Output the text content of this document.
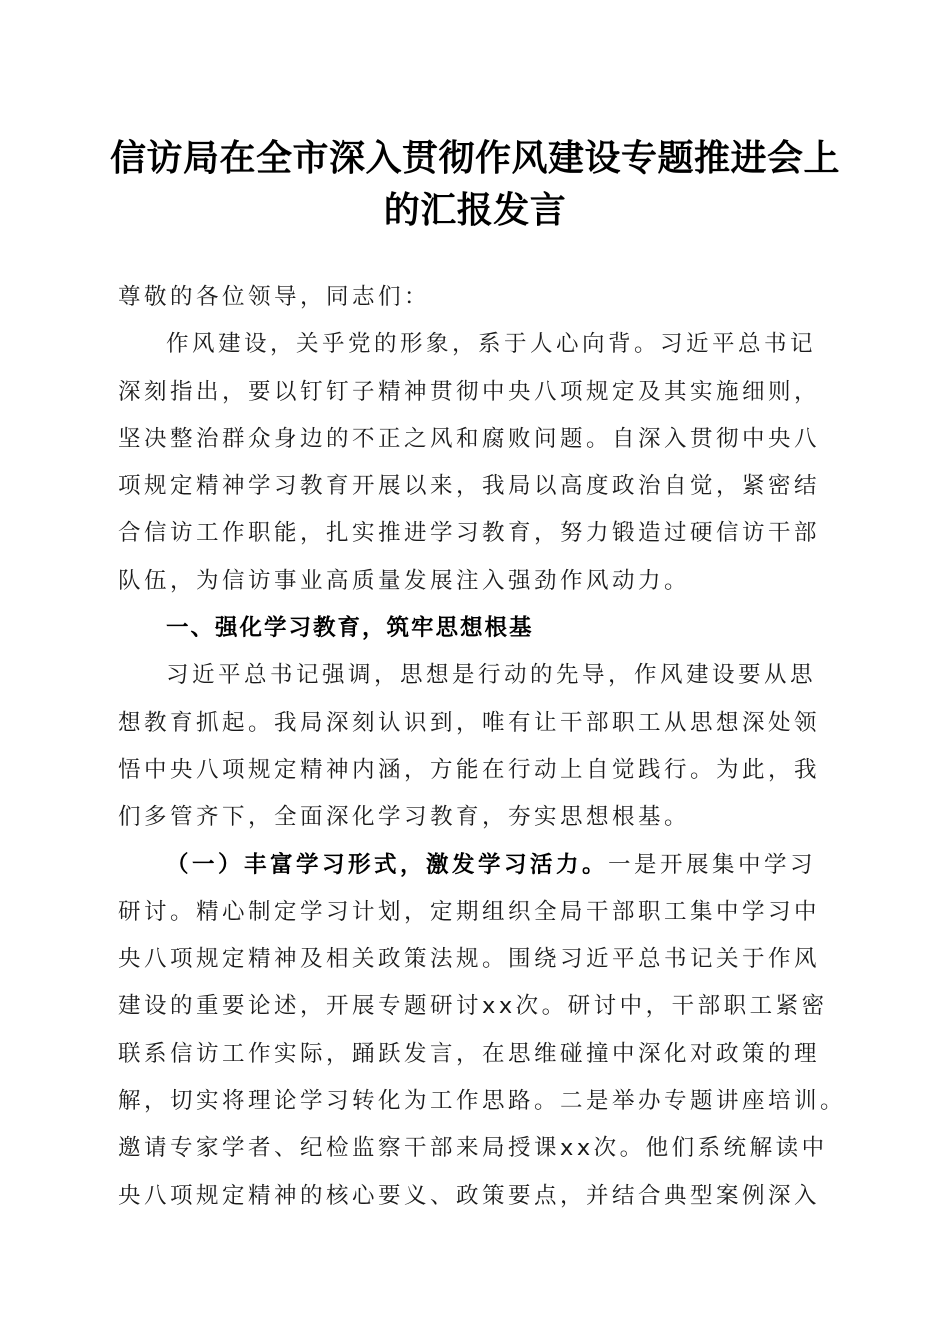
信访局在全市深入贯彻作风建设专题推进会上
的汇报发言
尊敬的各位领导，同志们：
作风建设，关乎党的形象，系于人心向背。习近平总书记
深刻指出，要以钉钉子精神贯彻中央八项规定及其实施细则，
坚决整治群众身边的不正之风和腐败问题。自深入贯彻中央八
项规定精神学习教育开展以来，我局以高度政治自觉，紧密结
合信访工作职能，扎实推进学习教育，努力锻造过硬信访干部
队伍，为信访事业高质量发展注入强劲作风动力。
一、强化学习教育，筑牢思想根基
习近平总书记强调，思想是行动的先导，作风建设要从思
想教育抓起。我局深刻认识到，唯有让干部职工从思想深处领
悟中央八项规定精神内涵，方能在行动上自觉践行。为此，我
们多管齐下，全面深化学习教育，夯实思想根基。
（一）丰富学习形式，激发学习活力。一是开展集中学习
研讨。精心制定学习计划，定期组织全局干部职工集中学习中
央八项规定精神及相关政策法规。围绕习近平总书记关于作风
建设的重要论述，开展专题研讨xx次。研讨中，干部职工紧密
联系信访工作实际，踊跃发言，在思维碰撞中深化对政策的理
解，切实将理论学习转化为工作思路。二是举办专题讲座培训。
邀请专家学者、纪检监察干部来局授课xx次。他们系统解读中
央八项规定精神的核心要义、政策要点，并结合典型案例深入
